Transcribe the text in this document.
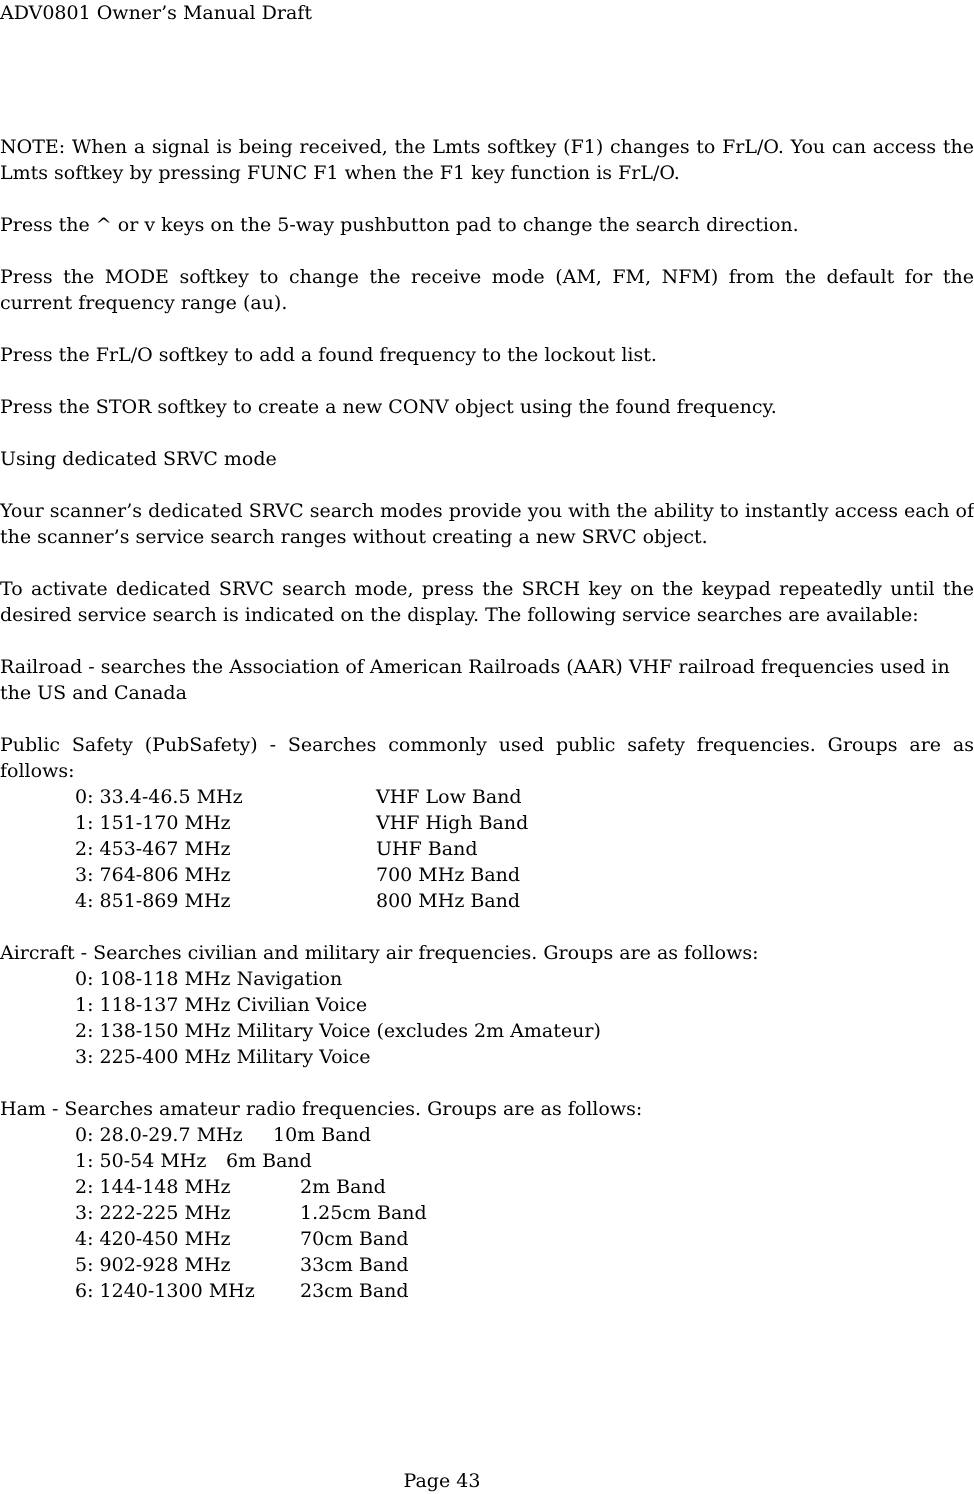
ADV0801 Owner’s Manual Draft

NOTE: When a signal is being received, the Lmts softkey (F1) changes to FrL/O. You can access the Lmts softkey by pressing FUNC F1 when the F1 key function is FrL/O.

Press the ^ or v keys on the 5-way pushbutton pad to change the search direction.

Press the MODE softkey to change the receive mode (AM, FM, NFM) from the default for the current frequency range (au).

Press the FrL/O softkey to add a found frequency to the lockout list.

Press the STOR softkey to create a new CONV object using the found frequency.

Using dedicated SRVC mode

Your scanner’s dedicated SRVC search modes provide you with the ability to instantly access each of the scanner’s service search ranges without creating a new SRVC object.

To activate dedicated SRVC search mode, press the SRCH key on the keypad repeatedly until the desired service search is indicated on the display. The following service searches are available:

Railroad - searches the Association of American Railroads (AAR) VHF railroad frequencies used in the US and Canada

Public Safety (PubSafety) - Searches commonly used public safety frequencies. Groups are as follows:

0: 33.4-46.5 MHz	VHF Low Band
1: 151-170 MHz	VHF High Band
2: 453-467 MHz	UHF Band
3: 764-806 MHz	700 MHz Band
4: 851-869 MHz	800 MHz Band

Aircraft - Searches civilian and military air frequencies. Groups are as follows:

0: 108-118 MHz Navigation
1: 118-137 MHz Civilian Voice
2: 138-150 MHz Military Voice (excludes 2m Amateur)
3: 225-400 MHz Military Voice

Ham - Searches amateur radio frequencies. Groups are as follows:

0: 28.0-29.7 MHz 10m Band
1: 50-54 MHz 6m Band
2: 144-148 MHz	2m Band
3: 222-225 MHz	1.25cm Band
4: 420-450 MHz	70cm Band
5: 902-928 MHz	33cm Band
6: 1240-1300 MHz 23cm Band
Page 43
